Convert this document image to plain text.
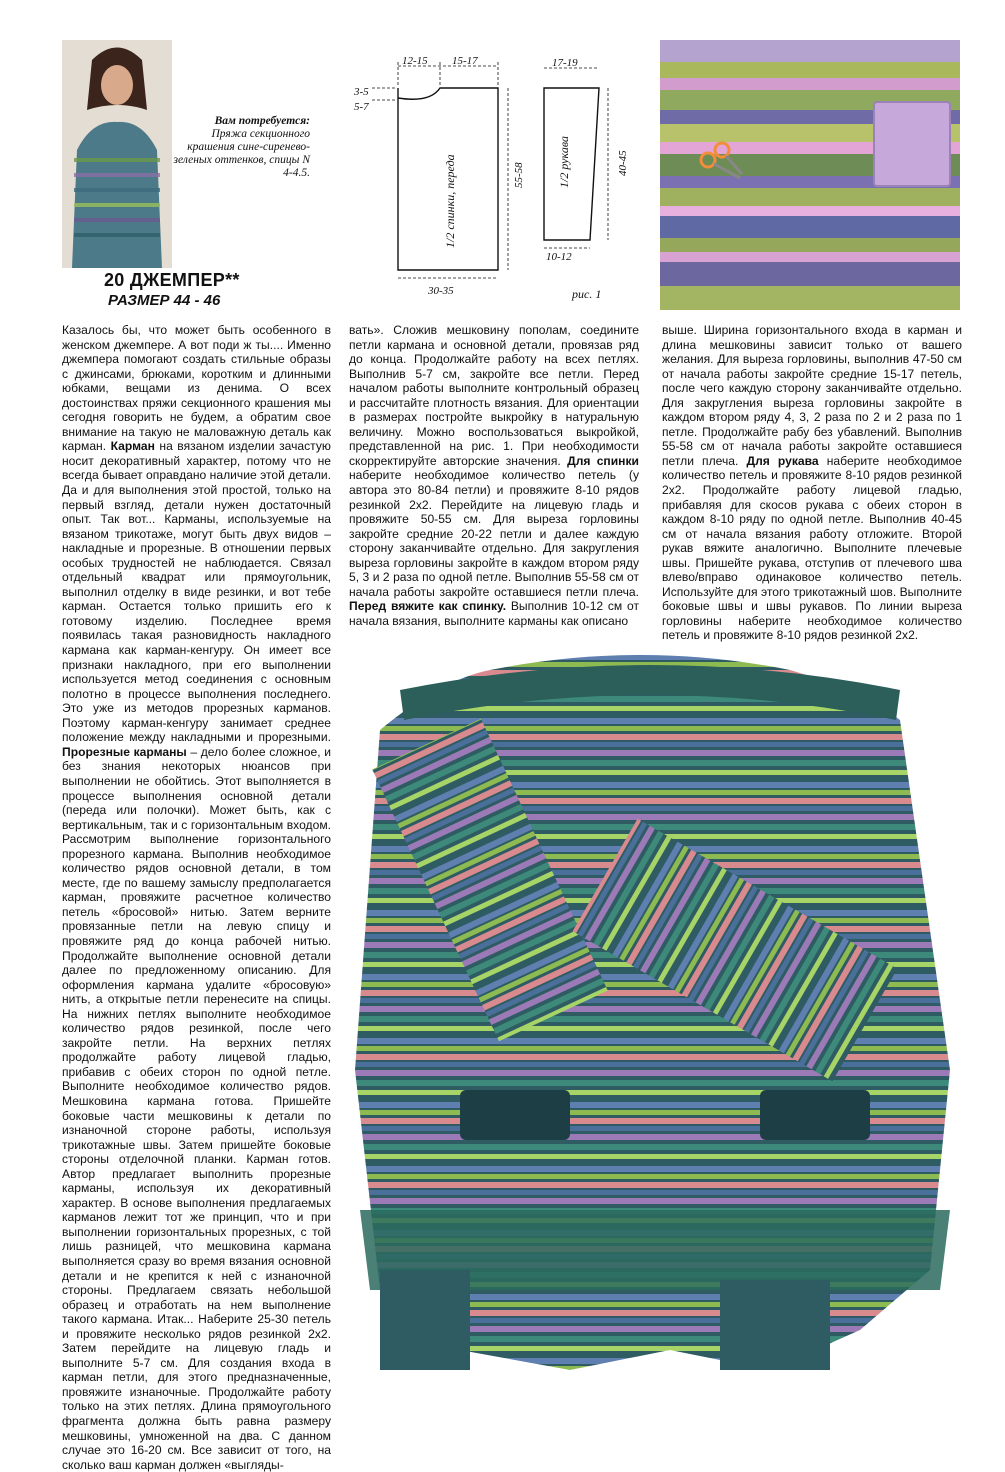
Вам потребуется:
Пряжа секционного крашения сине-сиренево-зеленых оттенков, спицы N 4-4.5.
20 ДЖЕМПЕР**
РАЗМЕР 44 - 46
12-15 15-17
3-5
5-7
55-58
30-35
1/2 спинки, переда
17-19
40-45
10-12
1/2 рукава
рис. 1

Казалось бы, что может быть особенного в женском джемпере. А вот поди ж ты.... Именно джемпера помогают создать стильные образы с джинсами, брюками, коротким и длинными юбками, вещами из денима. О всех достоинствах пряжи секционного крашения мы сегодня говорить не будем, а обратим свое внимание на такую не маловажную деталь как карман. Карман на вязаном изделии зачастую носит декоративный характер, потому что не всегда бывает оправдано наличие этой детали. Да и для выполнения этой простой, только на первый взгляд, детали нужен достаточный опыт. Так вот... Карманы, используемые на вязаном трикотаже, могут быть двух видов – накладные и прорезные. В отношении первых особых трудностей не наблюдается. Связал отдельный квадрат или прямоугольник, выполнил отделку в виде резинки, и вот тебе карман. Остается только пришить его к готовому изделию. Последнее время появилась такая разновидность накладного кармана как карман-кенгуру. Он имеет все признаки накладного, при его выполнении используется метод соединения с основным полотно в процессе выполнения последнего. Это уже из методов прорезных карманов. Поэтому карман-кенгуру занимает среднее положение между накладными и прорезными. Прорезные карманы – дело более сложное, и без знания некоторых нюансов при выполнении не обойтись. Этот выполняется в процессе выполнения основной детали (переда или полочки). Может быть, как с вертикальным, так и с горизонтальным входом. Рассмотрим выполнение горизонтального прорезного кармана. Выполнив необходимое количество рядов основной детали, в том месте, где по вашему замыслу предполагается карман, провяжите расчетное количество петель «бросовой» нитью. Затем верните провязанные петли на левую спицу и провяжите ряд до конца рабочей нитью. Продолжайте выполнение основной детали далее по предложенному описанию. Для оформления кармана удалите «бросовую» нить, а открытые петли перенесите на спицы. На нижних петлях выполните необходимое количество рядов резинкой, после чего закройте петли. На верхних петлях продолжайте работу лицевой гладью, прибавив с обеих сторон по одной петле. Выполните необходимое количество рядов. Мешковина кармана готова. Пришейте боковые части мешковины к детали по изнаночной стороне работы, используя трикотажные швы. Затем пришейте боковые стороны отделочной планки. Карман готов. Автор предлагает выполнить прорезные карманы, используя их декоративный характер. В основе выполнения предлагаемых карманов лежит тот же принцип, что и при выполнении горизонтальных прорезных, с той лишь разницей, что мешковина кармана выполняется сразу во время вязания основной детали и не крепится к ней с изнаночной стороны. Предлагаем связать небольшой образец и отработать на нем выполнение такого кармана. Итак... Наберите 25-30 петель и провяжите несколько рядов резинкой 2х2. Затем перейдите на лицевую гладь и выполните 5-7 см. Для создания входа в карман петли, для этого предназначенные, провяжите изнаночные. Продолжайте работу только на этих петлях. Длина прямоугольного фрагмента должна быть равна размеру мешковины, умноженной на два. С данном случае это 16-20 см. Все зависит от того, на сколько ваш карман должен «выгляды-

вать». Сложив мешковину пополам, соедините петли кармана и основной детали, провязав ряд до конца. Продолжайте работу на всех петлях. Выполнив 5-7 см, закройте все петли. Перед началом работы выполните контрольный образец и рассчитайте плотность вязания. Для ориентации в размерах постройте выкройку в натуральную величину. Можно воспользоваться выкройкой, представленной на рис. 1. При необходимости скорректируйте авторские значения. Для спинки наберите необходимое количество петель (у автора это 80-84 петли) и провяжите 8-10 рядов резинкой 2х2. Перейдите на лицевую гладь и провяжите 50-55 см. Для выреза горловины закройте средние 20-22 петли и далее каждую сторону заканчивайте отдельно. Для закругления выреза горловины закройте в каждом втором ряду 5, 3 и 2 раза по одной петле. Выполнив 55-58 см от начала работы закройте оставшиеся петли плеча. Перед вяжите как спинку. Выполнив 10-12 см от начала вязания, выполните карманы как описано

выше. Ширина горизонтального входа в карман и длина мешковины зависит только от вашего желания. Для выреза горловины, выполнив 47-50 см от начала работы закройте средние 15-17 петель, после чего каждую сторону заканчивайте отдельно. Для закругления выреза горловины закройте в каждом втором ряду 4, 3, 2 раза по 2 и 2 раза по 1 петле. Продолжайте рабу без убавлений. Выполнив 55-58 см от начала работы закройте оставшиеся петли плеча. Для рукава наберите необходимое количество петель и провяжите 8-10 рядов резинкой 2х2. Продолжайте работу лицевой гладью, прибавляя для скосов рукава с обеих сторон в каждом 8-10 ряду по одной петле. Выполнив 40-45 см от начала вязания работу отложите. Второй рукав вяжите аналогично. Выполните плечевые швы. Пришейте рукава, отступив от плечевого шва влево/вправо одинаковое количество петель. Используйте для этого трикотажный шов. Выполните боковые швы и швы рукавов. По линии выреза горловины наберите необходимое количество петель и провяжите 8-10 рядов резинкой 2х2.
